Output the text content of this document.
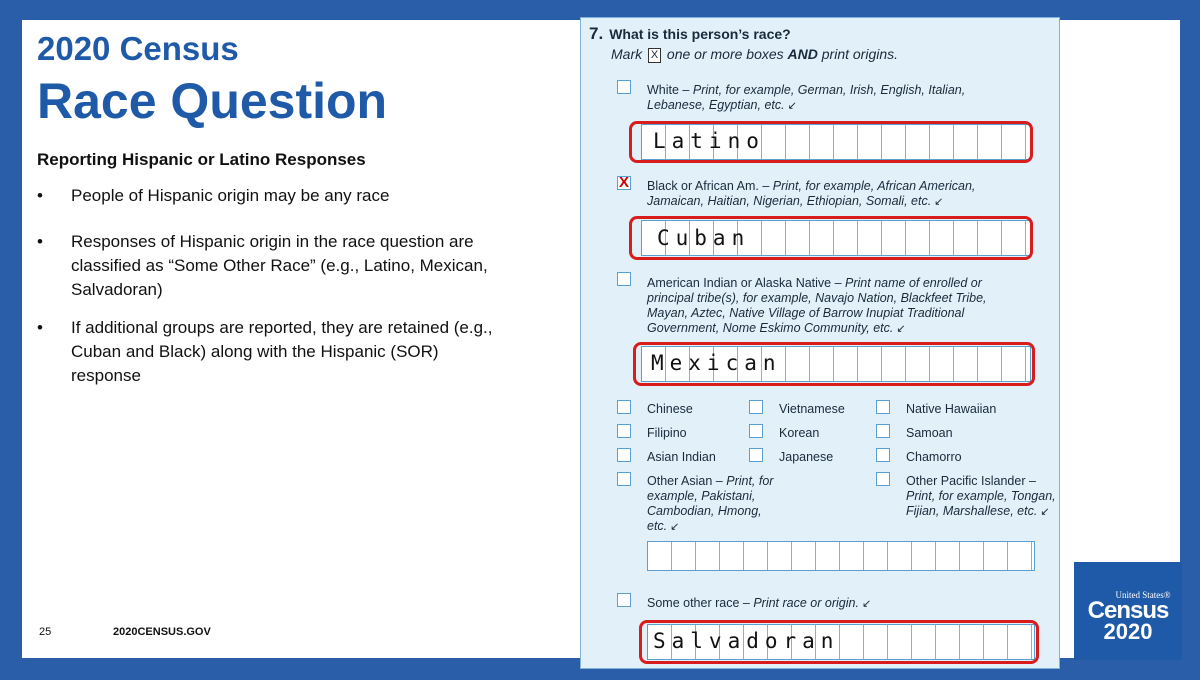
2020 Census
Race Question
Reporting Hispanic or Latino Responses
• People of Hispanic origin may be any race
• Responses of Hispanic origin in the race question are classified as “Some Other Race” (e.g., Latino, Mexican, Salvadoran)
• If additional groups are reported, they are retained (e.g., Cuban and Black) along with the Hispanic (SOR) response
25	2020CENSUS.GOV
7. What is this person’s race?
Mark X one or more boxes AND print origins.
White – Print, for example, German, Irish, English, Italian, Lebanese, Egyptian, etc. ↙
Latino
X Black or African Am. – Print, for example, African American, Jamaican, Haitian, Nigerian, Ethiopian, Somali, etc. ↙
Cuban
American Indian or Alaska Native – Print name of enrolled or principal tribe(s), for example, Navajo Nation, Blackfeet Tribe, Mayan, Aztec, Native Village of Barrow Inupiat Traditional Government, Nome Eskimo Community, etc. ↙
Mexican
Chinese
Filipino
Asian Indian
Vietnamese
Korean
Japanese
Native Hawaiian
Samoan
Chamorro
Other Asian – Print, for example, Pakistani, Cambodian, Hmong, etc. ↙
Other Pacific Islander – Print, for example, Tongan, Fijian, Marshallese, etc. ↙
Some other race – Print race or origin. ↙
Salvadoran
United States®
Census
2020
